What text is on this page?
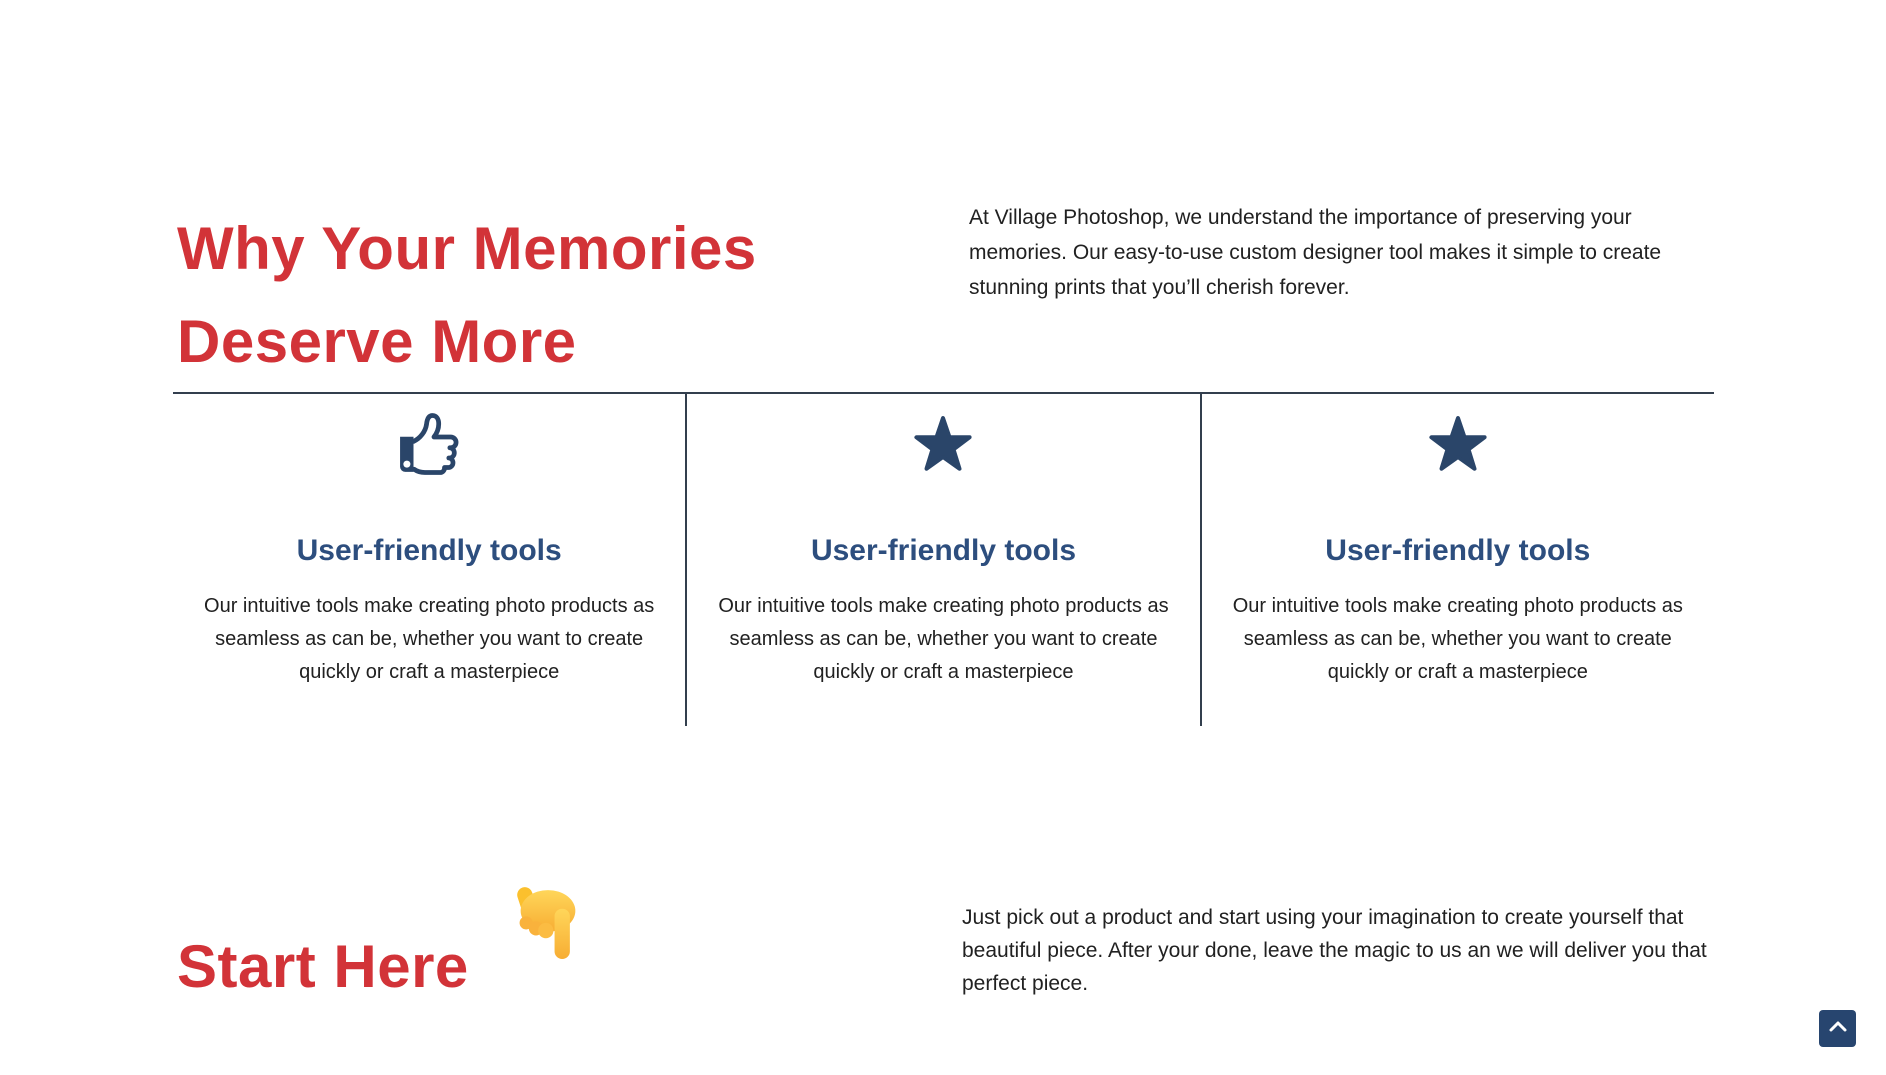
Why Your Memories Deserve More

At Village Photoshop, we understand the importance of preserving your memories. Our easy-to-use custom designer tool makes it simple to create stunning prints that you’ll cherish forever.

User-friendly tools

Our intuitive tools make creating photo products as seamless as can be, whether you want to create quickly or craft a masterpiece

User-friendly tools

Our intuitive tools make creating photo products as seamless as can be, whether you want to create quickly or craft a masterpiece

User-friendly tools

Our intuitive tools make creating photo products as seamless as can be, whether you want to create quickly or craft a masterpiece

Start Here

Just pick out a product and start using your imagination to create yourself that beautiful piece. After your done, leave the magic to us an we will deliver you that perfect piece.
